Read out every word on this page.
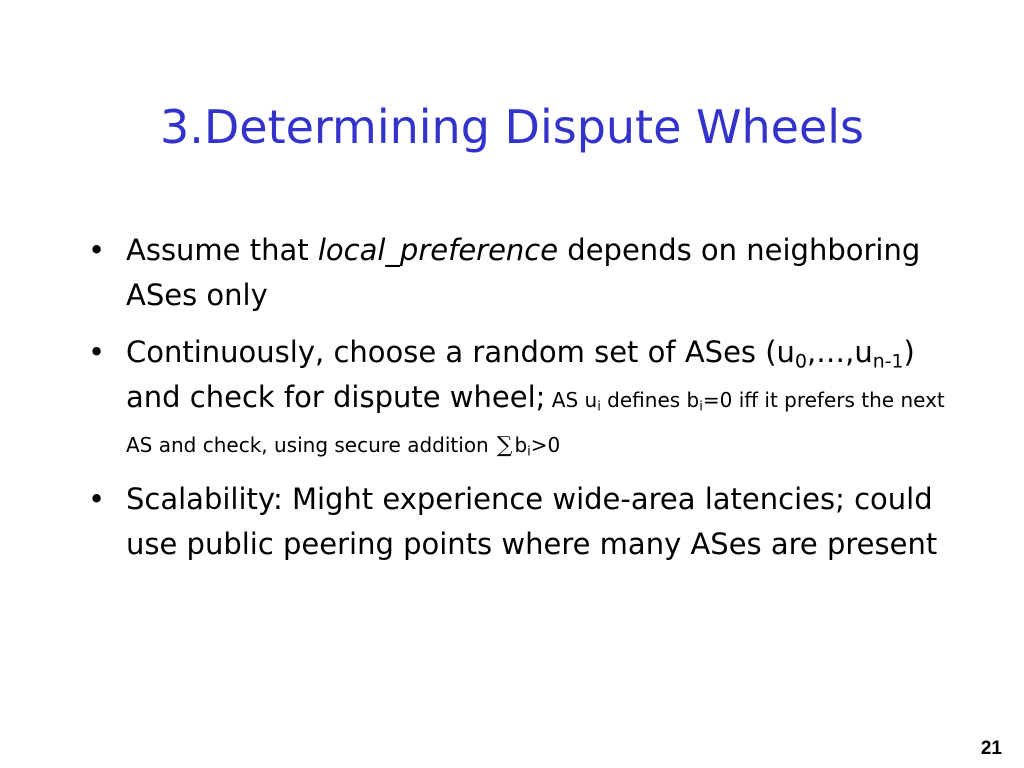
3.Determining Dispute Wheels
• Assume that local_preference depends on neighboring ASes only
• Continuously, choose a random set of ASes $(u_0,\dots,u_{n-1})$ and check for dispute wheel; AS $u_i$ defines $b_i=0$ iff it prefers the next AS and check, using secure addition ∑ $b_i>0$
• Scalability: Might experience wide-area latencies; could use public peering points where many ASes are present
21
